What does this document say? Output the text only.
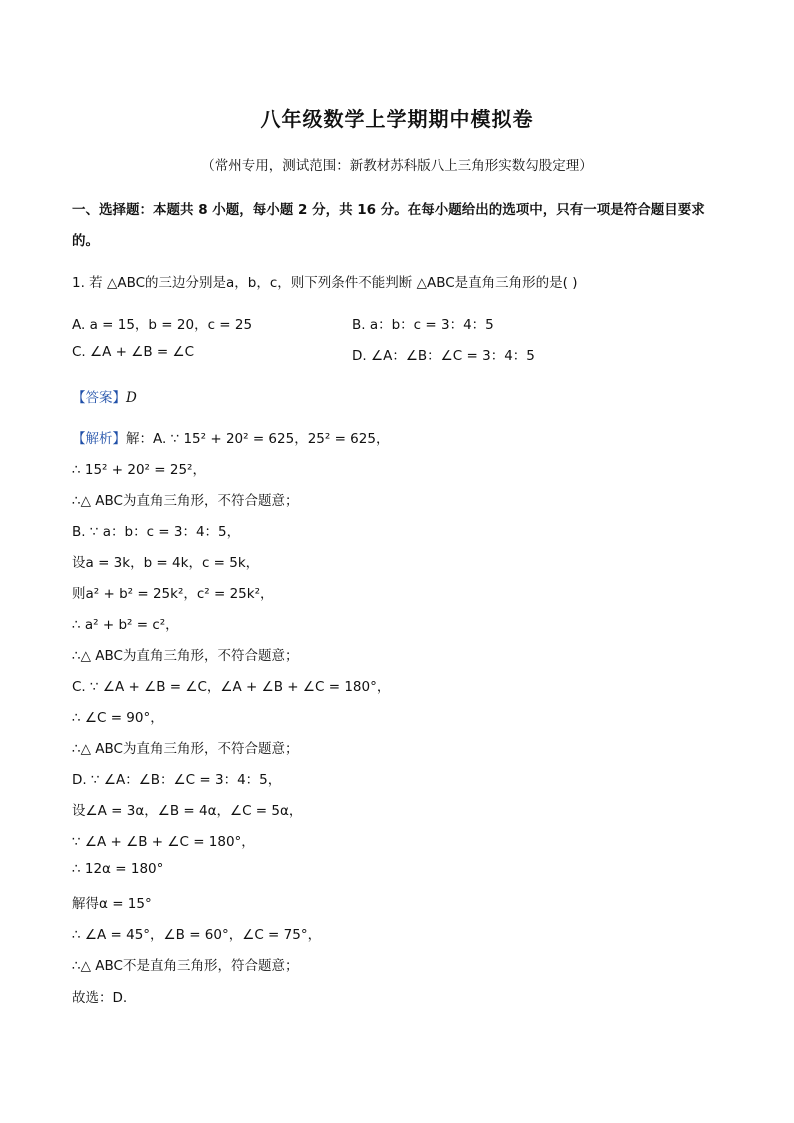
八年级数学上学期期中模拟卷
（常州专用，测试范围：新教材苏科版八上三角形实数勾股定理）
一、选择题：本题共 8 小题，每小题 2 分，共 16 分。在每小题给出的选项中，只有一项是符合题目要求
的。
1. 若 △ABC的三边分别是a，b，c，则下列条件不能判断 △ABC是直角三角形的是( )
A. a = 15，b = 20，c = 25	B. a：b：c = 3：4：5
C. ∠A + ∠B = ∠C	D. ∠A：∠B：∠C = 3：4：5
【答案】D
【解析】解：A. ∵ 15² + 20² = 625，25² = 625，
∴ 15² + 20² = 25²，
∴△ ABC为直角三角形，不符合题意；
B. ∵ a：b：c = 3：4：5，
设a = 3k，b = 4k，c = 5k，
则a² + b² = 25k²，c² = 25k²，
∴ a² + b² = c²，
∴△ ABC为直角三角形，不符合题意；
C. ∵ ∠A + ∠B = ∠C，∠A + ∠B + ∠C = 180°，
∴ ∠C = 90°，
∴△ ABC为直角三角形，不符合题意；
D. ∵ ∠A：∠B：∠C = 3：4：5，
设∠A = 3α，∠B = 4α，∠C = 5α，
∵ ∠A + ∠B + ∠C = 180°，
∴ 12α = 180°
解得α = 15°
∴ ∠A = 45°，∠B = 60°，∠C = 75°，
∴△ ABC不是直角三角形，符合题意；
故选：D.
